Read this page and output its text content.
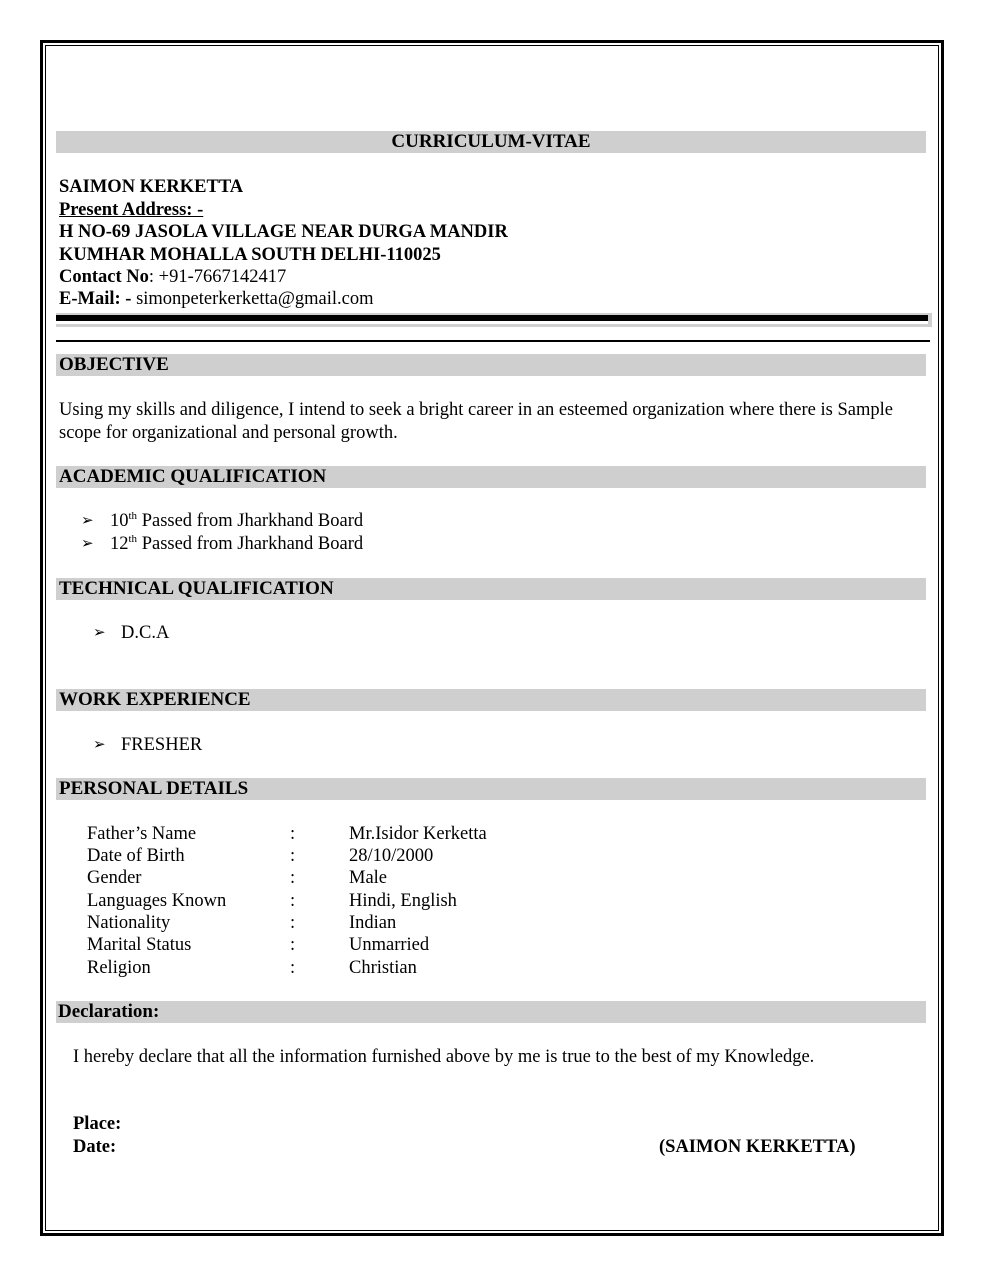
CURRICULUM-VITAE
SAIMON KERKETTA
Present Address: -
H NO-69 JASOLA VILLAGE NEAR DURGA MANDIR
KUMHAR MOHALLA SOUTH DELHI-110025
Contact No: +91-7667142417
E-Mail: - simonpeterkerketta@gmail.com
OBJECTIVE
Using my skills and diligence, I intend to seek a bright career in an esteemed organization where there is Sample
scope for organizational and personal growth.
ACADEMIC QUALIFICATION
➢ 10th Passed from Jharkhand Board
➢ 12th Passed from Jharkhand Board
TECHNICAL QUALIFICATION
➢ D.C.A
WORK EXPERIENCE
➢ FRESHER
PERSONAL DETAILS
Father’s Name	:	Mr.Isidor Kerketta
Date of Birth	:	28/10/2000
Gender	:	Male
Languages Known	:	Hindi, English
Nationality	:	Indian
Marital Status	:	Unmarried
Religion	:	Christian
Declaration:
I hereby declare that all the information furnished above by me is true to the best of my Knowledge.
Place:
Date:	(SAIMON KERKETTA)
